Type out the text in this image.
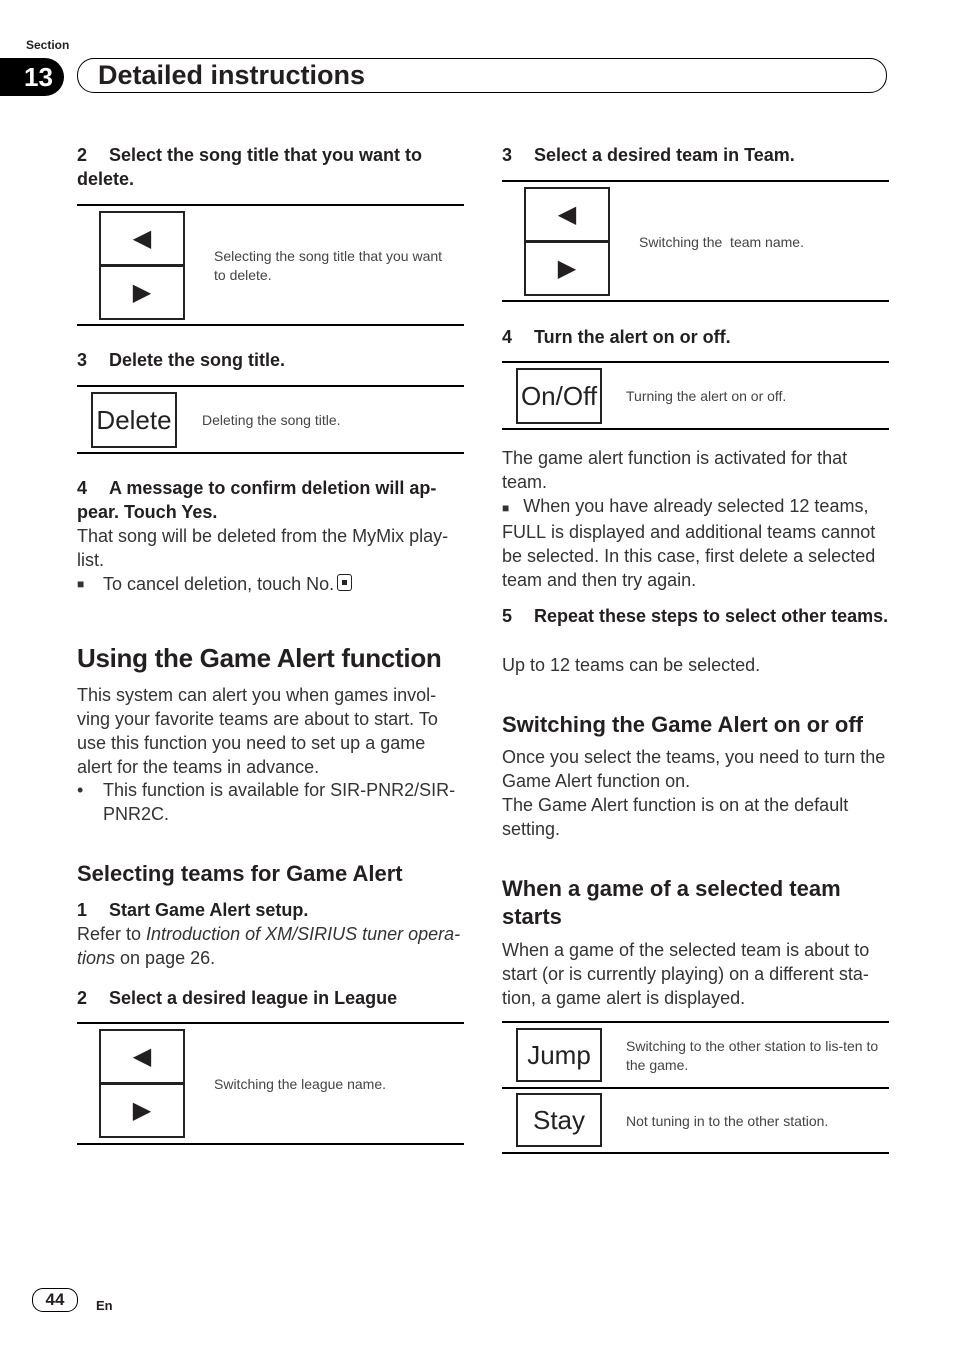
Section
13	Detailed instructions
2 Select the song title that you want to delete.
◀
▶
Selecting the song title that you want to delete.
3 Delete the song title.
Delete	Deleting the song title.
4 A message to confirm deletion will ap-pear. Touch Yes.
That song will be deleted from the MyMix play-list.
■ To cancel deletion, touch No.
Using the Game Alert function
This system can alert you when games invol-ving your favorite teams are about to start. To use this function you need to set up a game alert for the teams in advance.
• This function is available for SIR-PNR2/SIR-PNR2C.
Selecting teams for Game Alert
1 Start Game Alert setup.
Refer to Introduction of XM/SIRIUS tuner opera-tions on page 26.
2 Select a desired league in League
◀
▶
Switching the league name.
3 Select a desired team in Team.
◀
▶
Switching the  team name.
4 Turn the alert on or off.
On/Off	Turning the alert on or off.
The game alert function is activated for that team.
■ When you have already selected 12 teams, FULL is displayed and additional teams cannot be selected. In this case, first delete a selected team and then try again.
5 Repeat these steps to select other teams.
Up to 12 teams can be selected.
Switching the Game Alert on or off
Once you select the teams, you need to turn the Game Alert function on.
The Game Alert function is on at the default setting.
When a game of a selected team starts
When a game of the selected team is about to start (or is currently playing) on a different sta-tion, a game alert is displayed.
Jump	Switching to the other station to lis-ten to the game.
Stay	Not tuning in to the other station.
44	En
